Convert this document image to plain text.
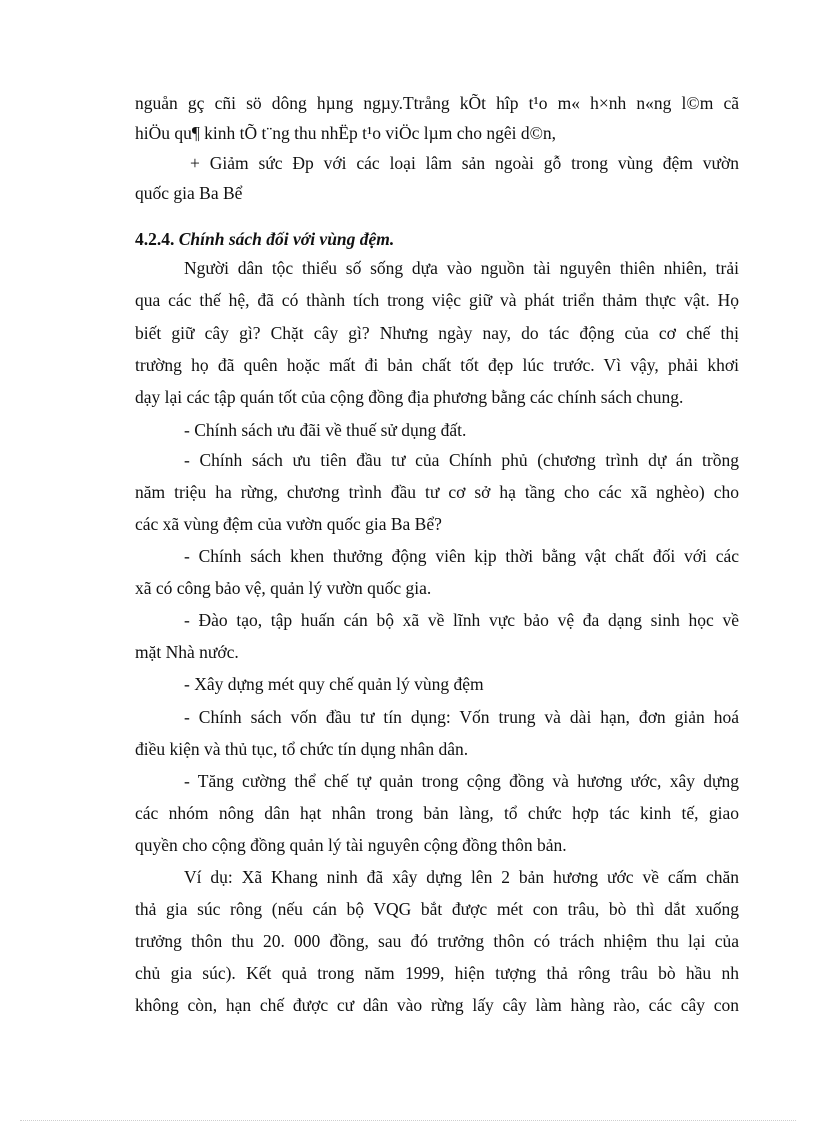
nguån gç cñi sö dông hµng ngµy.Ttrång kÕt hîp t¹o m« h×nh n«ng l©m cã
hiÖu qu¶ kinh tÕ t¨ng thu nhËp t¹o viÖc lµm cho ngêi d©n,
+ Giảm sức Ðp với các loại lâm sản ngoài gỗ trong vùng đệm vườn
quốc gia Ba Bể
4.2.4. Chính sách đối với vùng đệm.
Người dân tộc thiểu số sống dựa vào nguồn tài nguyên thiên nhiên, trải
qua các thế hệ, đã có thành tích trong việc giữ và phát triển thảm thực vật. Họ
biết giữ cây gì? Chặt cây gì? Nhưng ngày nay, do tác động của cơ chế thị
trường họ đã quên hoặc mất đi bản chất tốt đẹp lúc trước. Vì vậy, phải khơi
dạy lại các tập quán tốt của cộng đồng địa phương bằng các chính sách chung.
- Chính sách ưu đãi về thuế sử dụng đất.
- Chính sách ưu tiên đầu tư của Chính phủ (chương trình dự án trồng
năm triệu ha rừng, chương trình đầu tư cơ sở hạ tầng cho các xã nghèo) cho
các xã vùng đệm của vườn quốc gia Ba Bể?
- Chính sách khen thưởng động viên kịp thời bằng vật chất đối với các
xã có công bảo vệ, quản lý vườn quốc gia.
- Đào tạo, tập huấn cán bộ xã về lĩnh vực bảo vệ đa dạng sinh học về
mặt Nhà nước.
- Xây dựng mét quy chế quản lý vùng đệm
- Chính sách vốn đầu tư tín dụng: Vốn trung và dài hạn, đơn giản hoá
điều kiện và thủ tục, tổ chức tín dụng nhân dân.
- Tăng cường thể chế tự quản trong cộng đồng và hương ước, xây dựng
các nhóm nông dân hạt nhân trong bản làng, tổ chức hợp tác kinh tế, giao
quyền cho cộng đồng quản lý tài nguyên cộng đồng thôn bản.
Ví dụ: Xã Khang ninh đã xây dựng lên 2 bản hương ước về cấm chăn
thả gia súc rông (nếu cán bộ VQG bắt được mét con trâu, bò thì dắt xuống
trưởng thôn thu 20. 000 đồng, sau đó trưởng thôn có trách nhiệm thu lại của
chủ gia súc). Kết quả trong năm 1999, hiện tượng thả rông trâu bò hầu nh
không còn, hạn chế được cư dân vào rừng lấy cây làm hàng rào, các cây con
